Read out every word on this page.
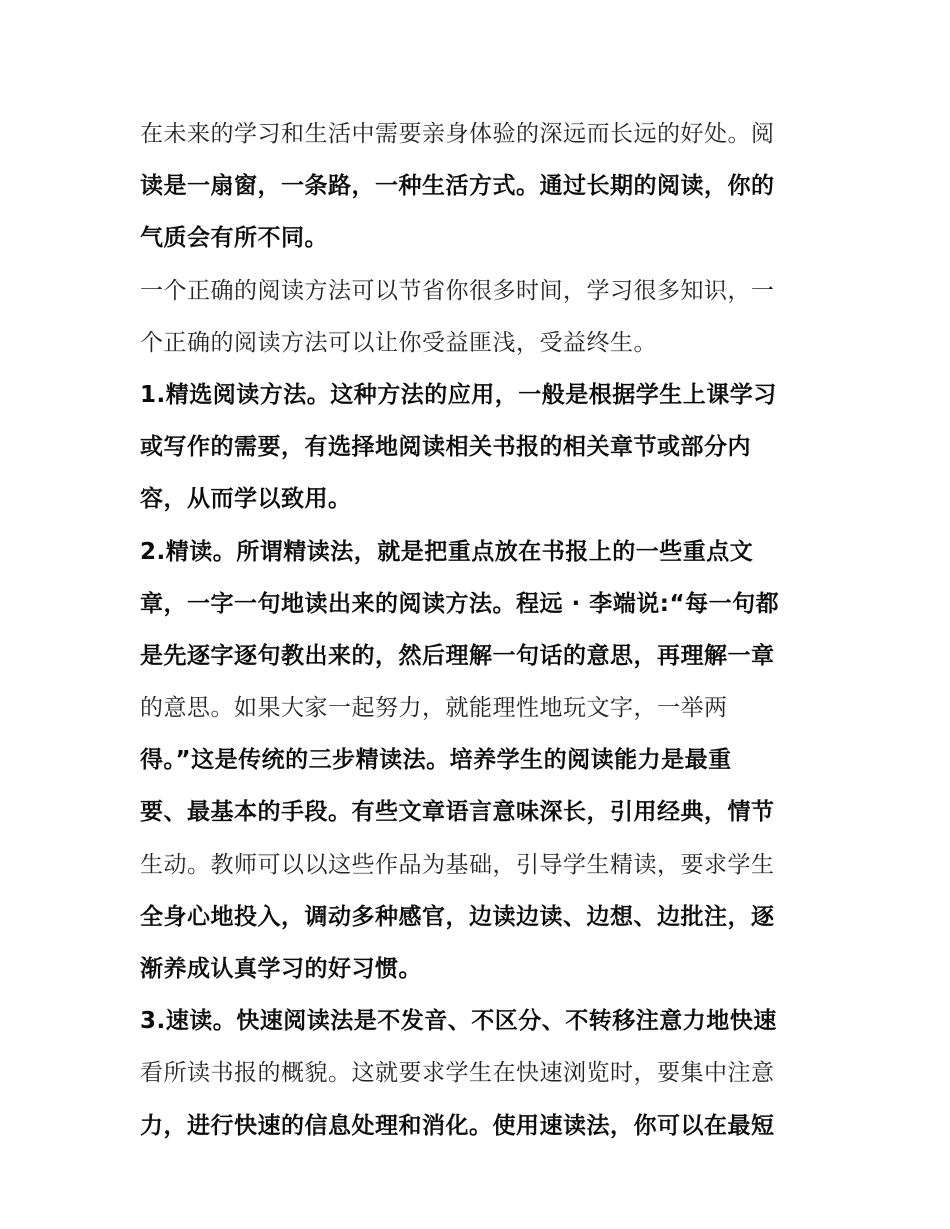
在未来的学习和生活中需要亲身体验的深远而长远的好处。阅
读是一扇窗，一条路，一种生活方式。通过长期的阅读，你的
气质会有所不同。
一个正确的阅读方法可以节省你很多时间，学习很多知识，一
个正确的阅读方法可以让你受益匪浅，受益终生。
1.精选阅读方法。这种方法的应用，一般是根据学生上课学习
或写作的需要，有选择地阅读相关书报的相关章节或部分内
容，从而学以致用。
2.精读。所谓精读法，就是把重点放在书报上的一些重点文
章，一字一句地读出来的阅读方法。程远 · 李端说:“每一句都
是先逐字逐句教出来的，然后理解一句话的意思，再理解一章
的意思。如果大家一起努力，就能理性地玩文字，一举两
得。”这是传统的三步精读法。培养学生的阅读能力是最重
要、最基本的手段。有些文章语言意味深长，引用经典，情节
生动。教师可以以这些作品为基础，引导学生精读，要求学生
全身心地投入，调动多种感官，边读边读、边想、边批注，逐
渐养成认真学习的好习惯。
3.速读。快速阅读法是不发音、不区分、不转移注意力地快速
看所读书报的概貌。这就要求学生在快速浏览时，要集中注意
力，进行快速的信息处理和消化。使用速读法，你可以在最短
